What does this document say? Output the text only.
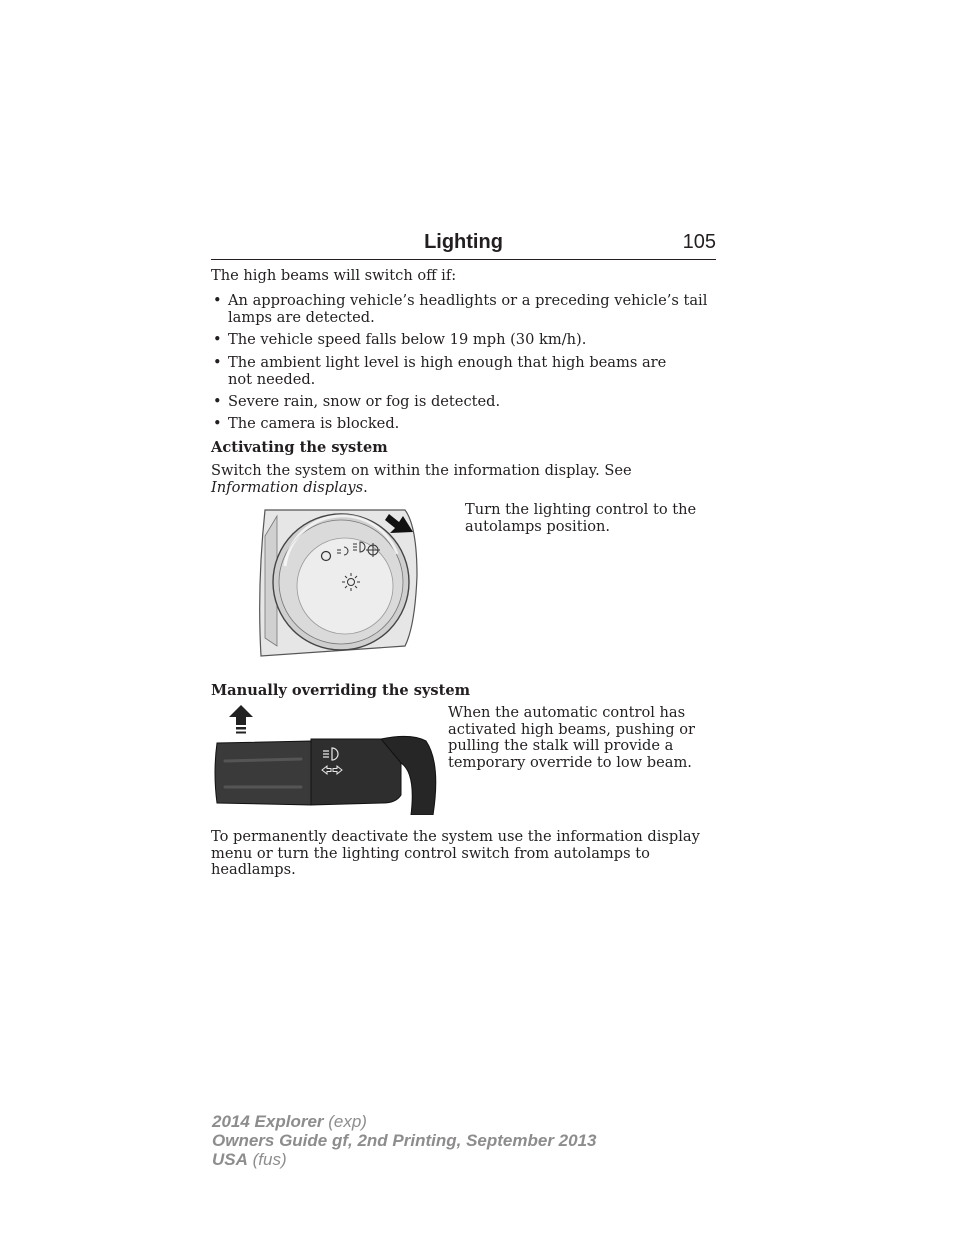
Lighting	105

The high beams will switch off if:

• An approaching vehicle’s headlights or a preceding vehicle’s tail lamps are detected.
• The vehicle speed falls below 19 mph (30 km/h).
• The ambient light level is high enough that high beams are not needed.
• Severe rain, snow or fog is detected.
• The camera is blocked.
Activating the system

Switch the system on within the information display. See Information displays.

Turn the lighting control to the autolamps position.

Manually overriding the system

When the automatic control has activated high beams, pushing or pulling the stalk will provide a temporary override to low beam.

To permanently deactivate the system use the information display menu or turn the lighting control switch from autolamps to headlamps.

2014 Explorer (exp)
Owners Guide gf, 2nd Printing, September 2013
USA (fus)
